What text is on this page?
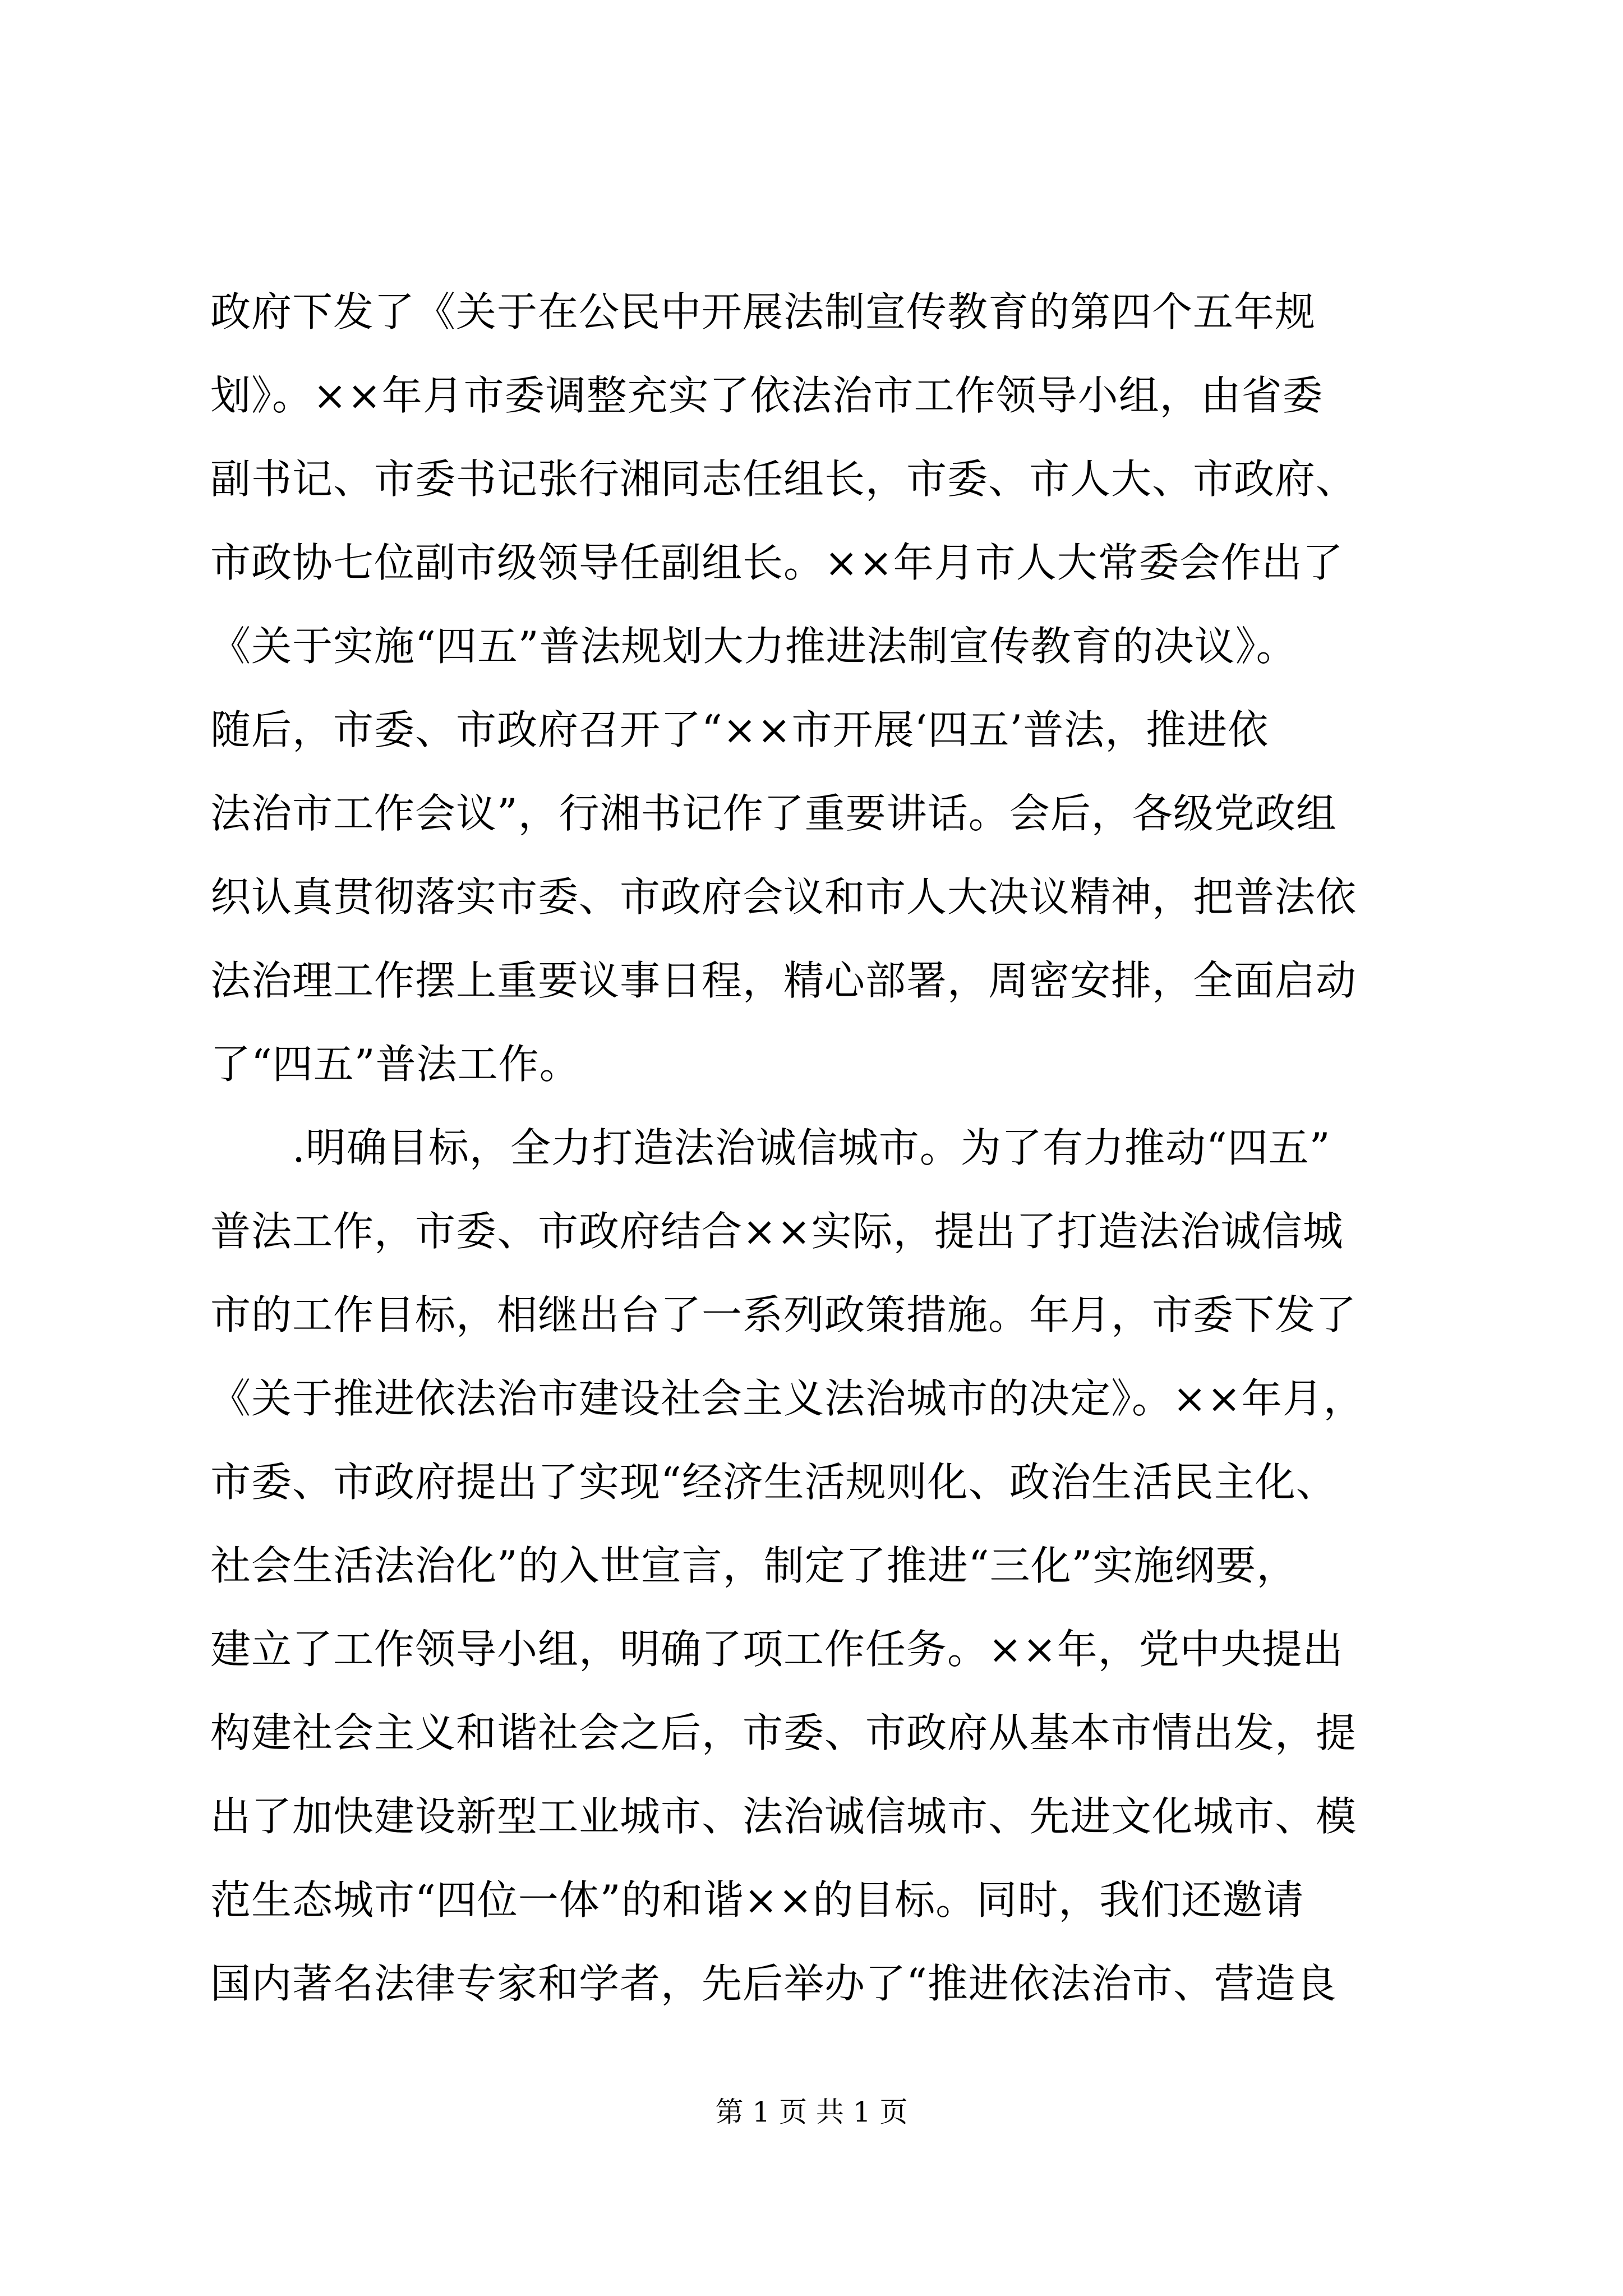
政府下发了《关于在公民中开展法制宣传教育的第四个五年规
划》。××年月市委调整充实了依法治市工作领导小组，由省委
副书记、市委书记张行湘同志任组长，市委、市人大、市政府、
市政协七位副市级领导任副组长。××年月市人大常委会作出了
《关于实施“四五”普法规划大力推进法制宣传教育的决议》。
随后，市委、市政府召开了“××市开展‘四五’普法，推进依
法治市工作会议”，行湘书记作了重要讲话。会后，各级党政组
织认真贯彻落实市委、市政府会议和市人大决议精神，把普法依
法治理工作摆上重要议事日程，精心部署，周密安排，全面启动
了“四五”普法工作。
　　.明确目标，全力打造法治诚信城市。为了有力推动“四五”
普法工作，市委、市政府结合××实际，提出了打造法治诚信城
市的工作目标，相继出台了一系列政策措施。年月，市委下发了
《关于推进依法治市建设社会主义法治城市的决定》。××年月，
市委、市政府提出了实现“经济生活规则化、政治生活民主化、
社会生活法治化”的入世宣言，制定了推进“三化”实施纲要，
建立了工作领导小组，明确了项工作任务。××年，党中央提出
构建社会主义和谐社会之后，市委、市政府从基本市情出发，提
出了加快建设新型工业城市、法治诚信城市、先进文化城市、模
范生态城市“四位一体”的和谐××的目标。同时，我们还邀请
国内著名法律专家和学者，先后举办了“推进依法治市、营造良
第 1 页 共 1 页
